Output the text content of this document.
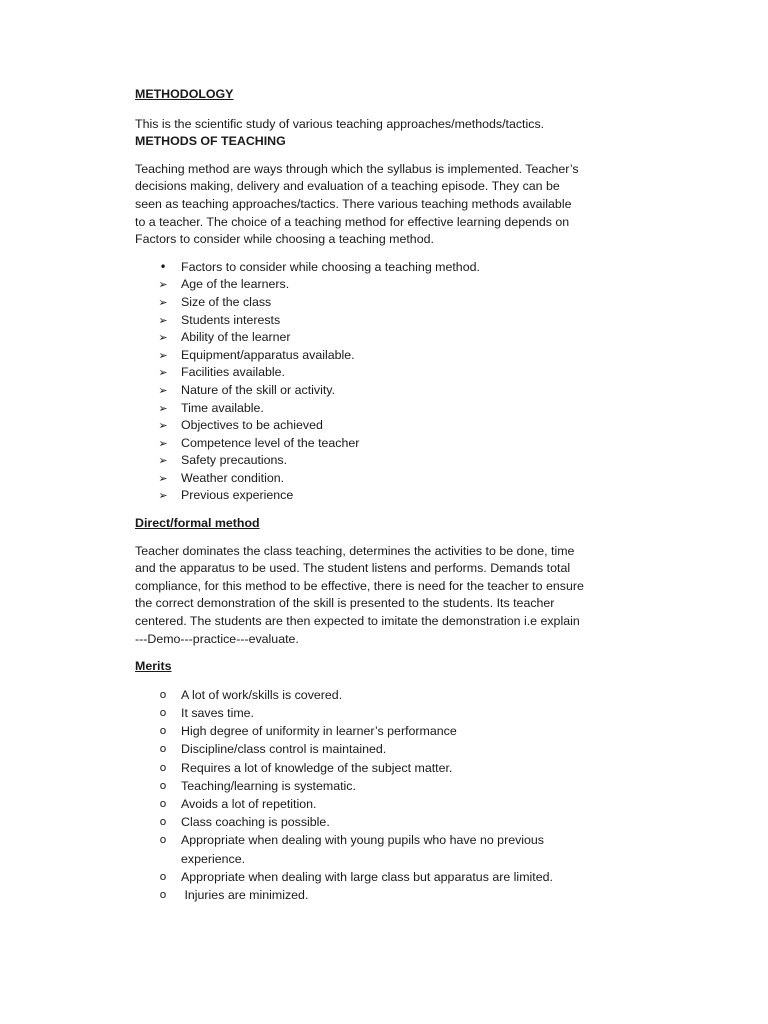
METHODOLOGY

This is the scientific study of various teaching approaches/methods/tactics.

METHODS OF TEACHING

Teaching method are ways through which the syllabus is implemented. Teacher’s decisions making, delivery and evaluation of a teaching episode. They can be seen as teaching approaches/tactics. There various teaching methods available to a teacher. The choice of a teaching method for effective learning depends on Factors to consider while choosing a teaching method.

• Factors to consider while choosing a teaching method.
➢ Age of the learners.
➢ Size of the class
➢ Students interests
➢ Ability of the learner
➢ Equipment/apparatus available.
➢ Facilities available.
➢ Nature of the skill or activity.
➢ Time available.
➢ Objectives to be achieved
➢ Competence level of the teacher
➢ Safety precautions.
➢ Weather condition.
➢ Previous experience

Direct/formal method

Teacher dominates the class teaching, determines the activities to be done, time and the apparatus to be used. The student listens and performs. Demands total compliance, for this method to be effective, there is need for the teacher to ensure the correct demonstration of the skill is presented to the students. Its teacher centered. The students are then expected to imitate the demonstration i.e explain ---Demo---practice---evaluate.

Merits

o A lot of work/skills is covered.
o It saves time.
o High degree of uniformity in learner’s performance
o Discipline/class control is maintained.
o Requires a lot of knowledge of the subject matter.
o Teaching/learning is systematic.
o Avoids a lot of repetition.
o Class coaching is possible.
o Appropriate when dealing with young pupils who have no previous experience.
o Appropriate when dealing with large class but apparatus are limited.
o Injuries are minimized.
